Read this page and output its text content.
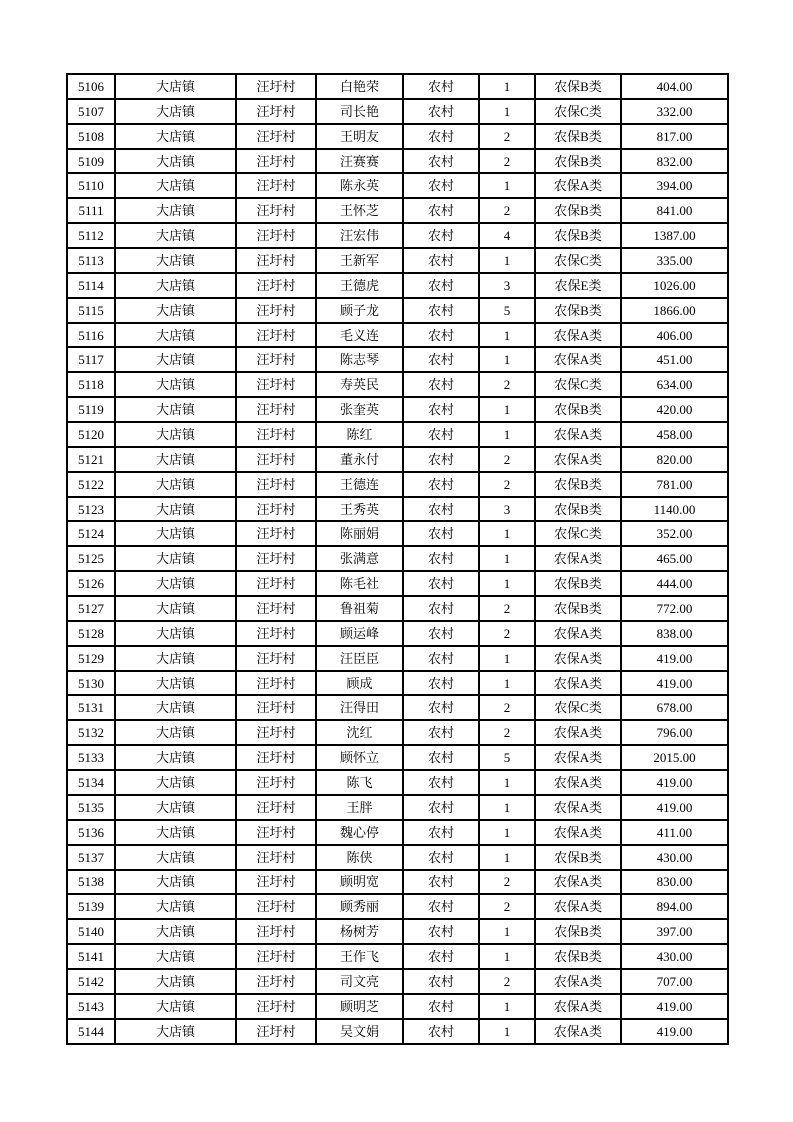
5106	大店镇	汪圩村	白艳荣	农村	1	农保B类	404.00
5107	大店镇	汪圩村	司长艳	农村	1	农保C类	332.00
5108	大店镇	汪圩村	王明友	农村	2	农保B类	817.00
5109	大店镇	汪圩村	汪赛赛	农村	2	农保B类	832.00
5110	大店镇	汪圩村	陈永英	农村	1	农保A类	394.00
5111	大店镇	汪圩村	王怀芝	农村	2	农保B类	841.00
5112	大店镇	汪圩村	汪宏伟	农村	4	农保B类	1387.00
5113	大店镇	汪圩村	王新军	农村	1	农保C类	335.00
5114	大店镇	汪圩村	王德虎	农村	3	农保E类	1026.00
5115	大店镇	汪圩村	顾子龙	农村	5	农保B类	1866.00
5116	大店镇	汪圩村	毛义连	农村	1	农保A类	406.00
5117	大店镇	汪圩村	陈志琴	农村	1	农保A类	451.00
5118	大店镇	汪圩村	寿英民	农村	2	农保C类	634.00
5119	大店镇	汪圩村	张奎英	农村	1	农保B类	420.00
5120	大店镇	汪圩村	陈红	农村	1	农保A类	458.00
5121	大店镇	汪圩村	董永付	农村	2	农保A类	820.00
5122	大店镇	汪圩村	王德连	农村	2	农保B类	781.00
5123	大店镇	汪圩村	王秀英	农村	3	农保B类	1140.00
5124	大店镇	汪圩村	陈丽娟	农村	1	农保C类	352.00
5125	大店镇	汪圩村	张满意	农村	1	农保A类	465.00
5126	大店镇	汪圩村	陈毛社	农村	1	农保B类	444.00
5127	大店镇	汪圩村	鲁祖菊	农村	2	农保B类	772.00
5128	大店镇	汪圩村	顾运峰	农村	2	农保A类	838.00
5129	大店镇	汪圩村	汪臣臣	农村	1	农保A类	419.00
5130	大店镇	汪圩村	顾成	农村	1	农保A类	419.00
5131	大店镇	汪圩村	汪得田	农村	2	农保C类	678.00
5132	大店镇	汪圩村	沈红	农村	2	农保A类	796.00
5133	大店镇	汪圩村	顾怀立	农村	5	农保A类	2015.00
5134	大店镇	汪圩村	陈飞	农村	1	农保A类	419.00
5135	大店镇	汪圩村	王胖	农村	1	农保A类	419.00
5136	大店镇	汪圩村	魏心停	农村	1	农保A类	411.00
5137	大店镇	汪圩村	陈侠	农村	1	农保B类	430.00
5138	大店镇	汪圩村	顾明宽	农村	2	农保A类	830.00
5139	大店镇	汪圩村	顾秀丽	农村	2	农保A类	894.00
5140	大店镇	汪圩村	杨树芳	农村	1	农保B类	397.00
5141	大店镇	汪圩村	王作飞	农村	1	农保B类	430.00
5142	大店镇	汪圩村	司文亮	农村	2	农保A类	707.00
5143	大店镇	汪圩村	顾明芝	农村	1	农保A类	419.00
5144	大店镇	汪圩村	吴文娟	农村	1	农保A类	419.00
